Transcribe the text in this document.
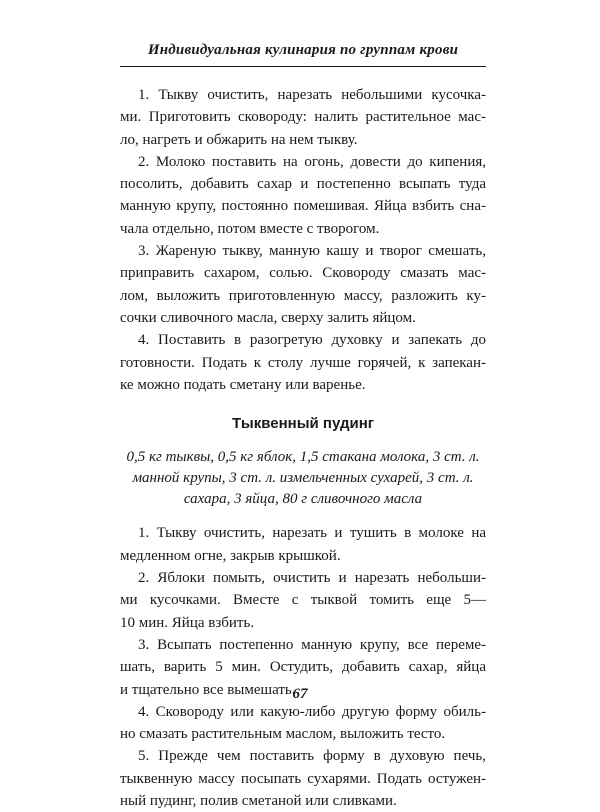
Индивидуальная кулинария по группам крови
1. Тыкву очистить, нарезать небольшими кусочка-
ми. Приготовить сковороду: налить растительное мас-
ло, нагреть и обжарить на нем тыкву.
2. Молоко поставить на огонь, довести до кипения,
посолить, добавить сахар и постепенно всыпать туда
манную крупу, постоянно помешивая. Яйца взбить сна-
чала отдельно, потом вместе с творогом.
3. Жареную тыкву, манную кашу и творог смешать,
приправить сахаром, солью. Сковороду смазать мас-
лом, выложить приготовленную массу, разложить ку-
сочки сливочного масла, сверху залить яйцом.
4. Поставить в разогретую духовку и запекать до
готовности. Подать к столу лучше горячей, к запекан-
ке можно подать сметану или варенье.
Тыквенный пудинг
0,5 кг тыквы, 0,5 кг яблок, 1,5 стакана молока, 3 ст. л.
манной крупы, 3 ст. л. измельченных сухарей, 3 ст. л.
сахара, 3 яйца, 80 г сливочного масла
1. Тыкву очистить, нарезать и тушить в молоке на
медленном огне, закрыв крышкой.
2. Яблоки помыть, очистить и нарезать небольши-
ми кусочками. Вместе с тыквой томить еще 5—
10 мин. Яйца взбить.
3. Всыпать постепенно манную крупу, все переме-
шать, варить 5 мин. Остудить, добавить сахар, яйца
и тщательно все вымешать.
4. Сковороду или какую-либо другую форму обиль-
но смазать растительным маслом, выложить тесто.
5. Прежде чем поставить форму в духовую печь,
тыквенную массу посыпать сухарями. Подать остужен-
ный пудинг, полив сметаной или сливками.
67
